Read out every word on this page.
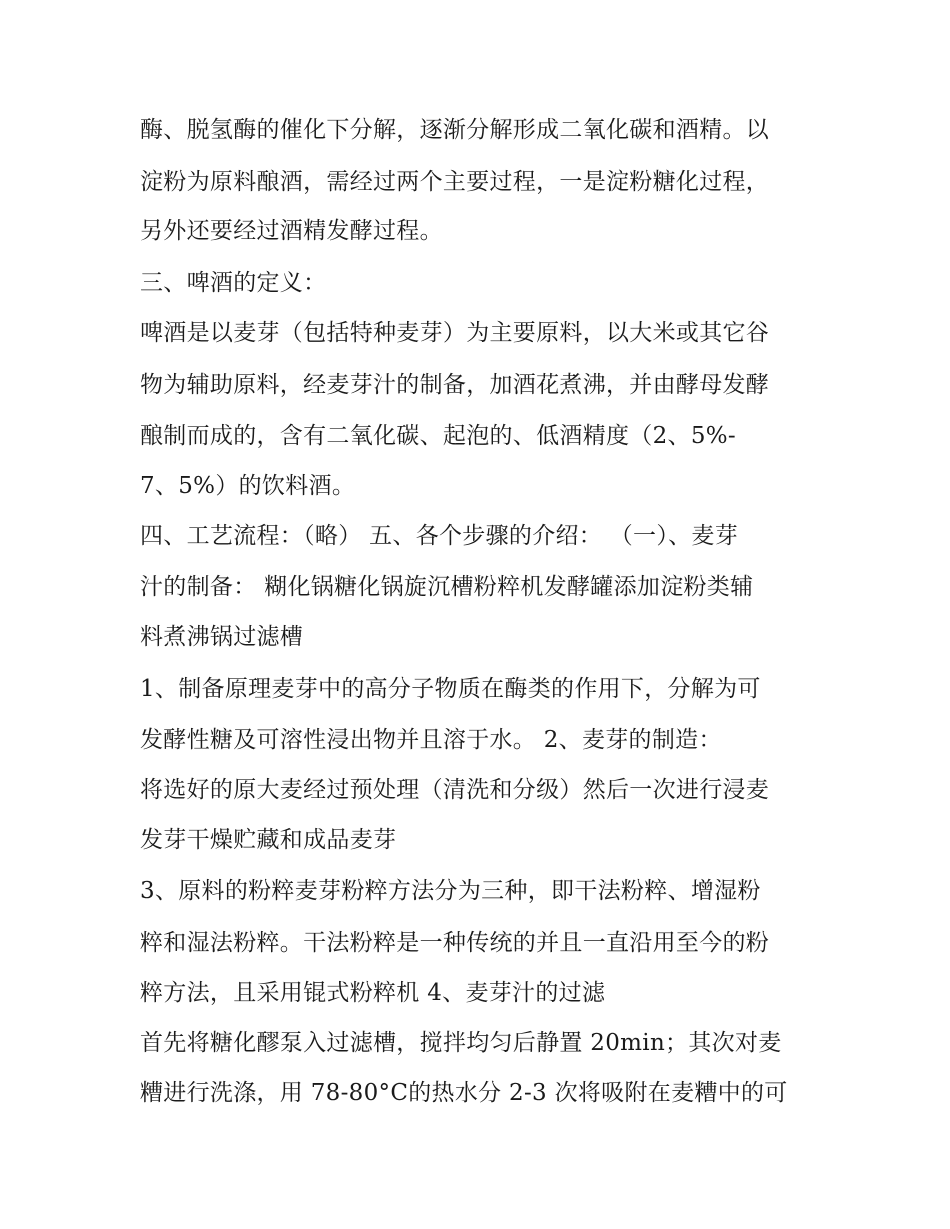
酶、脱氢酶的催化下分解，逐渐分解形成二氧化碳和酒精。以
淀粉为原料酿酒，需经过两个主要过程，一是淀粉糖化过程，
另外还要经过酒精发酵过程。
三、啤酒的定义：
啤酒是以麦芽（包括特种麦芽）为主要原料，以大米或其它谷
物为辅助原料，经麦芽汁的制备，加酒花煮沸，并由酵母发酵
酿制而成的，含有二氧化碳、起泡的、低酒精度（2、5%-
7、5%）的饮料酒。
四、工艺流程：（略） 五、各个步骤的介绍： （一）、麦芽
汁的制备： 糊化锅糖化锅旋沉槽粉粹机发酵罐添加淀粉类辅
料煮沸锅过滤槽
1、制备原理麦芽中的高分子物质在酶类的作用下，分解为可
发酵性糖及可溶性浸出物并且溶于水。 2、麦芽的制造：
将选好的原大麦经过预处理（清洗和分级）然后一次进行浸麦
发芽干燥贮藏和成品麦芽
3、原料的粉粹麦芽粉粹方法分为三种，即干法粉粹、增湿粉
粹和湿法粉粹。干法粉粹是一种传统的并且一直沿用至今的粉
粹方法，且采用锟式粉粹机 4、麦芽汁的过滤
首先将糖化醪泵入过滤槽，搅拌均匀后静置 20min；其次对麦
糟进行洗涤，用 78-80°C的热水分 2-3 次将吸附在麦糟中的可
